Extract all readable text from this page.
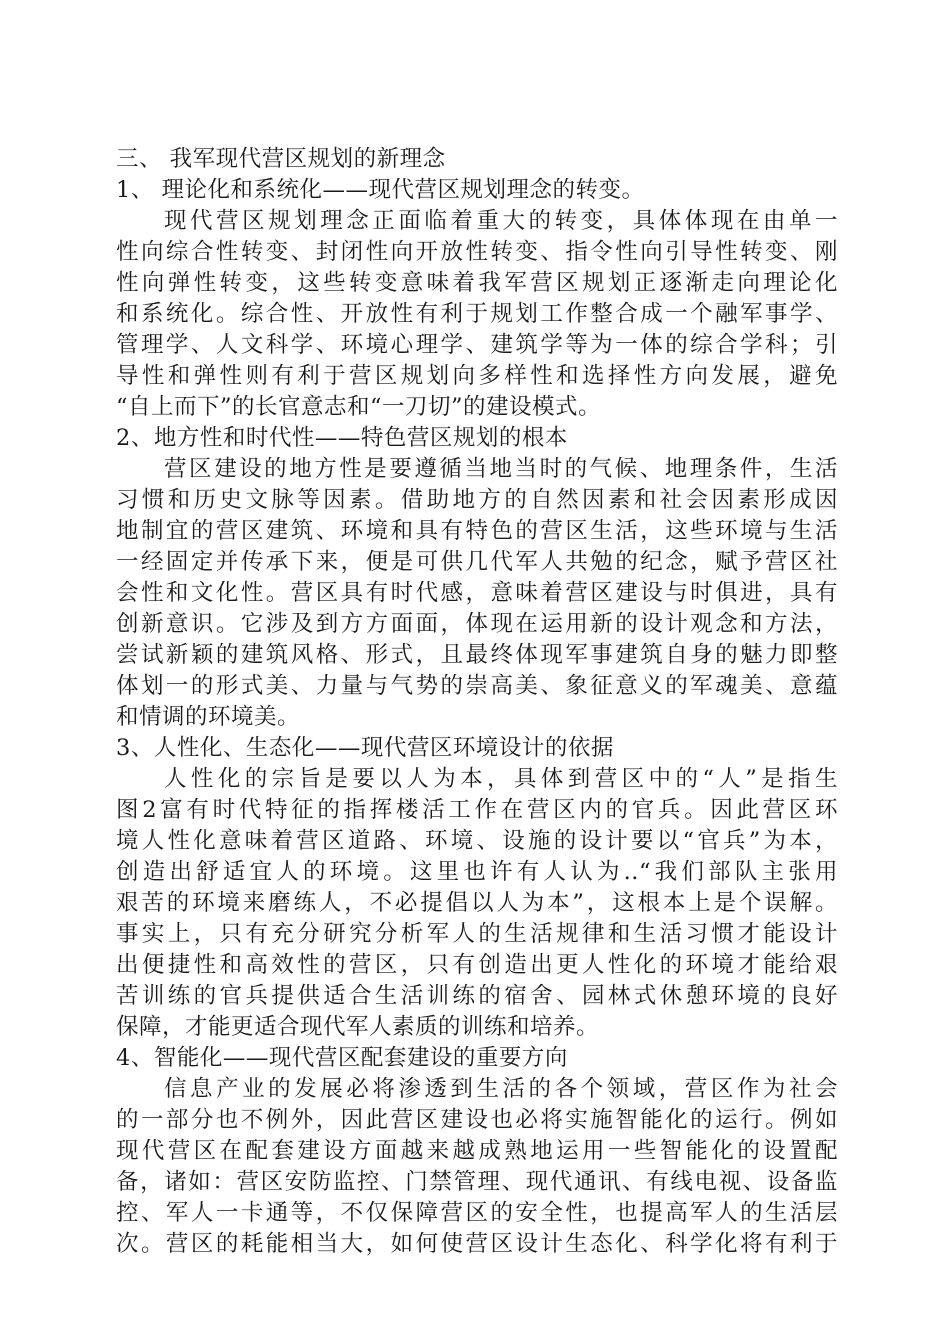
三、 我军现代营区规划的新理念
1、 理论化和系统化——现代营区规划理念的转变。
现代营区规划理念正面临着重大的转变，具体体现在由单一
性向综合性转变、封闭性向开放性转变、指令性向引导性转变、刚
性向弹性转变，这些转变意味着我军营区规划正逐渐走向理论化
和系统化。综合性、开放性有利于规划工作整合成一个融军事学、
管理学、人文科学、环境心理学、建筑学等为一体的综合学科；引
导性和弹性则有利于营区规划向多样性和选择性方向发展，避免
“自上而下”的长官意志和“一刀切”的建设模式。
2、地方性和时代性——特色营区规划的根本
营区建设的地方性是要遵循当地当时的气候、地理条件，生活
习惯和历史文脉等因素。借助地方的自然因素和社会因素形成因
地制宜的营区建筑、环境和具有特色的营区生活，这些环境与生活
一经固定并传承下来，便是可供几代军人共勉的纪念，赋予营区社
会性和文化性。营区具有时代感，意味着营区建设与时俱进，具有
创新意识。它涉及到方方面面，体现在运用新的设计观念和方法，
尝试新颖的建筑风格、形式，且最终体现军事建筑自身的魅力即整
体划一的形式美、力量与气势的崇高美、象征意义的军魂美、意蕴
和情调的环境美。
3、人性化、生态化——现代营区环境设计的依据
人性化的宗旨是要以人为本，具体到营区中的“人”是指生
图2富有时代特征的指挥楼活工作在营区内的官兵。因此营区环
境人性化意味着营区道路、环境、设施的设计要以“官兵”为本，
创造出舒适宜人的环境。这里也许有人认为..“我们部队主张用
艰苦的环境来磨练人，不必提倡以人为本”，这根本上是个误解。
事实上，只有充分研究分析军人的生活规律和生活习惯才能设计
出便捷性和高效性的营区，只有创造出更人性化的环境才能给艰
苦训练的官兵提供适合生活训练的宿舍、园林式休憩环境的良好
保障，才能更适合现代军人素质的训练和培养。
4、智能化——现代营区配套建设的重要方向
信息产业的发展必将渗透到生活的各个领域，营区作为社会
的一部分也不例外，因此营区建设也必将实施智能化的运行。例如
现代营区在配套建设方面越来越成熟地运用一些智能化的设置配
备，诸如：营区安防监控、门禁管理、现代通讯、有线电视、设备监
控、军人一卡通等，不仅保障营区的安全性，也提高军人的生活层
次。营区的耗能相当大，如何使营区设计生态化、科学化将有利于
